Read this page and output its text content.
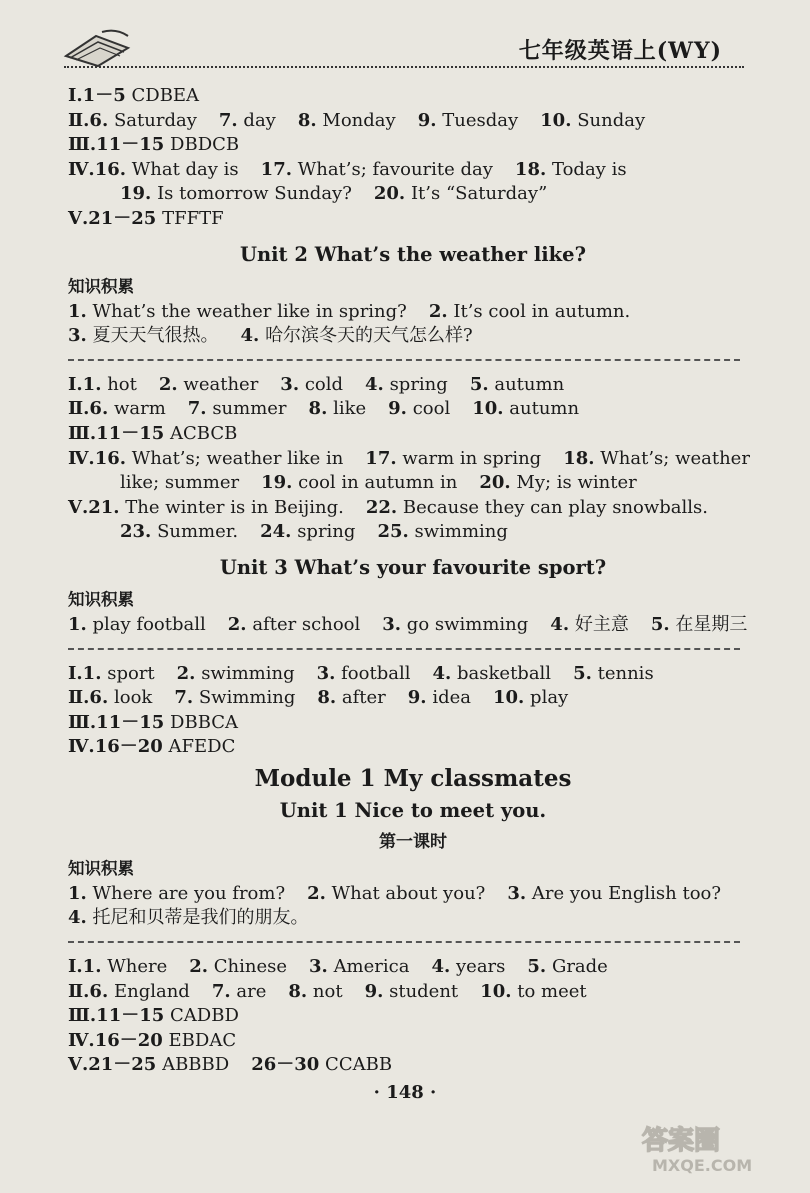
七年级英语上(WY)
Ⅰ.1－5 CDBEA
Ⅱ.6. Saturday 7. day 8. Monday 9. Tuesday 10. Sunday
Ⅲ.11－15 DBDCB
Ⅳ.16. What day is 17. What’s; favourite day 18. Today is
19. Is tomorrow Sunday? 20. It’s “Saturday”
Ⅴ.21－25 TFFTF
Unit 2 What’s the weather like?
知识积累
1. What’s the weather like in spring? 2. It’s cool in autumn.
3. 夏天天气很热。 4. 哈尔滨冬天的天气怎么样?
Ⅰ.1. hot 2. weather 3. cold 4. spring 5. autumn
Ⅱ.6. warm 7. summer 8. like 9. cool 10. autumn
Ⅲ.11－15 ACBCB
Ⅳ.16. What’s; weather like in 17. warm in spring 18. What’s; weather
like; summer 19. cool in autumn in 20. My; is winter
Ⅴ.21. The winter is in Beijing. 22. Because they can play snowballs.
23. Summer. 24. spring 25. swimming
Unit 3 What’s your favourite sport?
知识积累
1. play football 2. after school 3. go swimming 4. 好主意 5. 在星期三
Ⅰ.1. sport 2. swimming 3. football 4. basketball 5. tennis
Ⅱ.6. look 7. Swimming 8. after 9. idea 10. play
Ⅲ.11－15 DBBCA
Ⅳ.16－20 AFEDC
Module 1 My classmates
Unit 1 Nice to meet you.
第一课时
知识积累
1. Where are you from? 2. What about you? 3. Are you English too?
4. 托尼和贝蒂是我们的朋友。
Ⅰ.1. Where 2. Chinese 3. America 4. years 5. Grade
Ⅱ.6. England 7. are 8. not 9. student 10. to meet
Ⅲ.11－15 CADBD
Ⅳ.16－20 EBDAC
Ⅴ.21－25 ABBBD 26－30 CCABB
· 148 ·
答案圈
MXQE.COM
